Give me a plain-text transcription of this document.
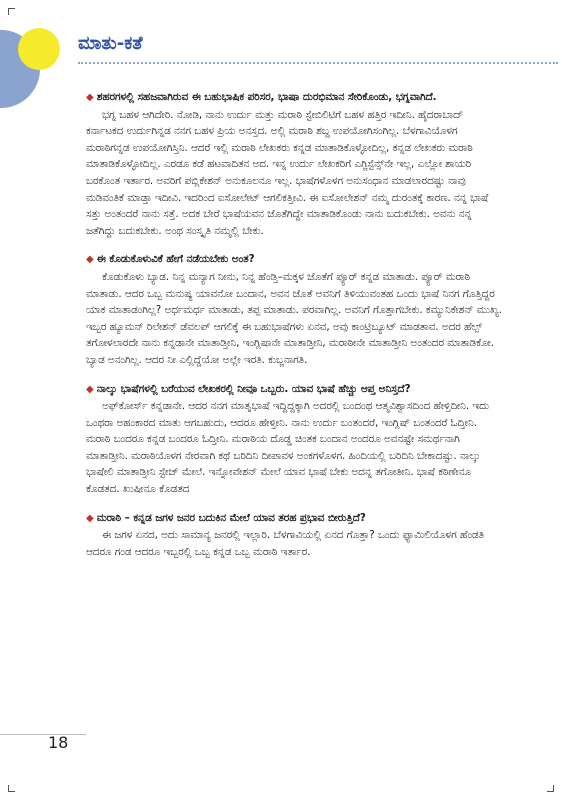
ಮಾತು-ಕತೆ

◆ ಶಹರಗಳಲ್ಲಿ ಸಹಜವಾಗಿರುವ ಈ ಬಹುಭಾಷಿಕ ಪರಿಸರ, ಭಾಷಾ ದುರಭಿಮಾನ ಸೇರಿಕೊಂಡು, ಭಗ್ನವಾಗಿದೆ.

ಭಗ್ನ ಬಹಳ ಆಗಿದೇರಿ. ನೋಡಿ, ನಾನು ಉರ್ದು ಮತ್ತು ಮರಾಠಿ ಸ್ಟೇಬಿಲಿಟಿಗೆ ಬಹಳ ಹತ್ತಿರ ಇದೀನಿ. ಹೈದರಾಬಾದ್ ಕರ್ನಾಟಕದ ಉರ್ದುಗಿನ್ನಡ ನನಗ ಬಹಳ ಪ್ರಿಯ ಅನಸ್ತದ. ಅಲ್ಲಿ ಮರಾಠಿ ಶಬ್ದ ಉಪಯೋಗಿಸಂಗಿಲ್ಲ. ಬೆಳಗಾವಿಯೊಳಗ ಮರಾಠಿಗನ್ನಡ ಉಪಯೋಗಿಸ್ತಿನಿ. ಆದರೆ ಇಲ್ಲಿ ಮರಾಠಿ ಲೇಖಕರು ಕನ್ನಡ ಮಾತಾಡಿಕೊಳ್ಳೋದಿಲ್ಲ, ಕನ್ನಡ ಲೇಖಕರು ಮರಾಠಿ ಮಾತಾಡಿಕೊಳ್ಳೋದಿಲ್ಲ. ಎರಡೂ ಕಡೆ ಹಟವಾದಿತನ ಅದ. ಇನ್ನ ಉರ್ದು ಲೇಖಕರಿಗೆ ಎಗ್ಜಿಸ್ಟೆನ್ಸ್‌ನೇ ಇಲ್ಲ, ಎಲ್ಲೋ ಶಾಯರಿ ಬರಕೊಂತ ಇರ್ತಾರ. ಅವರಿಗೆ ಪಬ್ಲಿಕೇಶನ್ ಅನುಕೂಲನೂ ಇಲ್ಲ. ಭಾಷೆಗಳೊಳಗ ಅನುಸಂಧಾನ ಮಾಡಲಾರದಷ್ಟು ನಾವು ಮಡಿವಂತಿಕೆ ಮಾಡ್ತಾ ಇದೀವಿ. ಇದರಿಂದ ಐಸೋಲೇಟ್ ಆಗಲಿಕತ್ತೀವಿ. ಈ ಐಸೋಲೇಶನ್ ನಮ್ಮ ದುರಂತಕ್ಕೆ ಕಾರಣ. ನನ್ನ ಭಾಷೆ ಸತ್ತು ಅಂತಂದರೆ ನಾನು ಸತ್ತೆ. ಅದಕ ಬೇರೆ ಭಾಷೆಯವನ ಜೊತೆಗಿದ್ದೇ ಮಾತಾಡಿಕೊಂಡು ನಾನು ಬದುಕಬೇಕು. ಅವನು ನನ್ನ ಜತೆಗಿದ್ದು ಬದುಕಬೇಕು. ಅಂಥ ಸಂಸ್ಕೃತಿ ನಮ್ಮಲ್ಲಿ ಬೇಕು.

◆ ಈ ಕೊಡುಕೊಳುವಿಕೆ ಹೇಗೆ ನಡೆಯಬೇಕು ಅಂತ?

ಕೊಡುಕೊಳು ಬ್ಯಾಡ. ನಿನ್ನ ಮನ್ಯಾಗ ನೀನು, ನಿನ್ನ ಹೆಂಡ್ತಿ–ಮಕ್ಕಳ ಜೊತೆಗೆ ಪ್ಯೂರ್ ಕನ್ನಡ ಮಾತಾಡು. ಪ್ಯೂರ್ ಮರಾಠಿ ಮಾತಾಡು. ಆದರ ಒಬ್ಬ ಮನುಷ್ಯ ಯಾವನೋ ಬಂದಾನ, ಅವನ ಜೊತೆ ಅವನಿಗೆ ತಿಳಿಯುವಂತಹ ಒಂದು ಭಾಷೆ ನಿನಗ ಗೊತ್ತಿದ್ದರ ಯಾಕ ಮಾತಾಡಂಗಿಲ್ಲ? ಅರ್ಧಮರ್ಧ ಮಾತಾಡು, ತಪ್ಪ ಮಾತಾಡು. ಪರವಾಗಿಲ್ಲ. ಅವನಿಗೆ ಗೊತ್ತಾಗಬೇಕು. ಕಮ್ಯುನಿಕೇಶನ್ ಮುಖ್ಯ. ಇಬ್ಬರ ಹ್ಯೂಮನ್ ರಿಲೇಶನ್ ಡೆವಲಪ್ ಆಗಲಿಕ್ಕೆ ಈ ಬಹುಭಾಷೆಗಳು ಏನವ, ಅವು ಕಾಂಟ್ರಿಬ್ಯೂಟ್ ಮಾಡತಾವ. ಅದರ ಹೆಲ್ಪ್ ತಗೋಳಲಾರದೇ ನಾನು ಕನ್ನಡಾನೇ ಮಾತಾಡ್ತೀನಿ, ಇಂಗ್ಲಿಷಾನೇ ಮಾತಾಡ್ತೀನಿ, ಮರಾಠೀನೇ ಮಾತಾಡ್ತೀನಿ ಅಂತಂದರ ಮಾತಾಡಿಕೋ. ಬ್ಯಾಡ ಅನಂಗಿಲ್ಲ. ಆದರ ನೀ ಎಲ್ಲಿದ್ದೆಯೋ ಅಲ್ಲೇ ಇರತಿ. ಕುಬ್ಜನಾಗತಿ.

◆ ನಾಲ್ಕು ಭಾಷೆಗಳಲ್ಲಿ ಬರೆಯುವ ಲೇಖಕರಲ್ಲಿ ನೀವೂ ಒಬ್ಬರು. ಯಾವ ಭಾಷೆ ಹೆಚ್ಚು ಆಪ್ತ ಅನಿಸ್ತದೆ?

ಅಫ್‌ಕೋರ್ಸ್ ಕನ್ನಡಾನೇ. ಆದರ ನನಗ ಮಾತೃಭಾಷೆ ಇದ್ದಿದ್ದಕ್ಕಾಗಿ ಅದರಲ್ಲಿ ಬಂದಂಥ ಆತ್ಮವಿಶ್ವಾಸದಿಂದ ಹೇಳ್ತಿದೀನಿ. ಇದು ಒಂಥರಾ ಅಹಂಕಾರದ ಮಾತು ಆಗಬಹುದು, ಆದರೂ ಹೇಳ್ತೀನಿ. ನಾನು ಉರ್ದು ಬಂತಂದರೆ, ಇಂಗ್ಲಿಷ್ ಬಂತಂದರೆ ಓದ್ತೀನಿ. ಮರಾಠಿ ಬಂದರೂ ಕನ್ನಡ ಬಂದರೂ ಓದ್ತೀನಿ. ಮರಾಠಿಯ ದೊಡ್ಡ ಚಿಂತಕ ಬಂದಾನ ಅಂದರೂ ಅವನಷ್ಟೇ ಸಮರ್ಥನಾಗಿ ಮಾತಾಡ್ತೀನಿ. ಮರಾಠಿಯೊಳಗ ನೇರವಾಗಿ ಕಥೆ ಬರಿದಿನಿ ದೀಪಾವಳ ಅಂಕಗಳೊಳಗ. ಹಿಂದಿಯಲ್ಲಿ ಬರಿದಿನಿ ಬೇಕಾದಷ್ಟು. ನಾಲ್ಕು ಭಾಷೇಲಿ ಮಾತಾಡ್ತೀನಿ ಸ್ಟೇಜ್ ಮೇಲೆ. ಇನ್ನೋವೇಶನ್ ಮೇಲೆ ಯಾವ ಭಾಷೆ ಬೇಕು ಅದನ್ನ ತಗೋತೀನಿ. ಭಾಷೆ ಕಠಿಣೇನೂ ಕೊಡತದ. ಖುಷೀನೂ ಕೊಡತದ

◆ ಮರಾಠಿ – ಕನ್ನಡ ಜಗಳ ಜನರ ಬದುಕಿನ ಮೇಲೆ ಯಾವ ತರಹ ಪ್ರಭಾವ ಬೀರುತ್ತಿದೆ?

ಈ ಜಗಳ ಏನದ, ಅದು ಸಾಮಾನ್ಯ ಜನರಲ್ಲಿ ಇಲ್ಲಾರಿ. ಬೆಳಗಾವಿಯಲ್ಲಿ ಏನದ ಗೊತ್ತಾ? ಒಂದು ಫ್ಯಾಮಿಲಿಯೊಳಗ ಹೆಂಡತಿ ಆದರೂ ಗಂಡ ಆದರೂ ಇಬ್ಬರಲ್ಲಿ ಒಬ್ಬ ಕನ್ನಡ ಒಬ್ಬ ಮರಾಠಿ ಇರ್ತಾರ.

18
